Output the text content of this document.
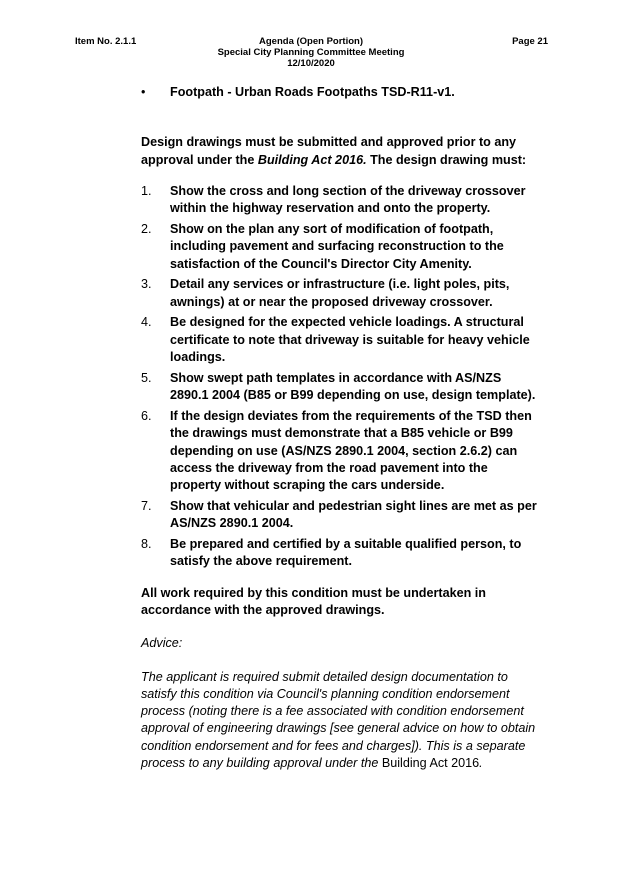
Item No. 2.1.1	Agenda (Open Portion)
Special City Planning Committee Meeting
12/10/2020
Page 21
•	Footpath - Urban Roads Footpaths TSD-R11-v1.

Design drawings must be submitted and approved prior to any approval under the Building Act 2016. The design drawing must:

1.	Show the cross and long section of the driveway crossover within the highway reservation and onto the property.
2.	Show on the plan any sort of modification of footpath, including pavement and surfacing reconstruction to the satisfaction of the Council's Director City Amenity.
3.	Detail any services or infrastructure (i.e. light poles, pits, awnings) at or near the proposed driveway crossover.
4.	Be designed for the expected vehicle loadings. A structural certificate to note that driveway is suitable for heavy vehicle loadings.
5.	Show swept path templates in accordance with AS/NZS 2890.1 2004 (B85 or B99 depending on use, design template).
6.	If the design deviates from the requirements of the TSD then the drawings must demonstrate that a B85 vehicle or B99 depending on use (AS/NZS 2890.1 2004, section 2.6.2) can access the driveway from the road pavement into the property without scraping the cars underside.
7.	Show that vehicular and pedestrian sight lines are met as per AS/NZS 2890.1 2004.
8.	Be prepared and certified by a suitable qualified person, to satisfy the above requirement.

All work required by this condition must be undertaken in accordance with the approved drawings.

Advice:

The applicant is required submit detailed design documentation to satisfy this condition via Council's planning condition endorsement process (noting there is a fee associated with condition endorsement approval of engineering drawings [see general advice on how to obtain condition endorsement and for fees and charges]). This is a separate process to any building approval under the Building Act 2016.
